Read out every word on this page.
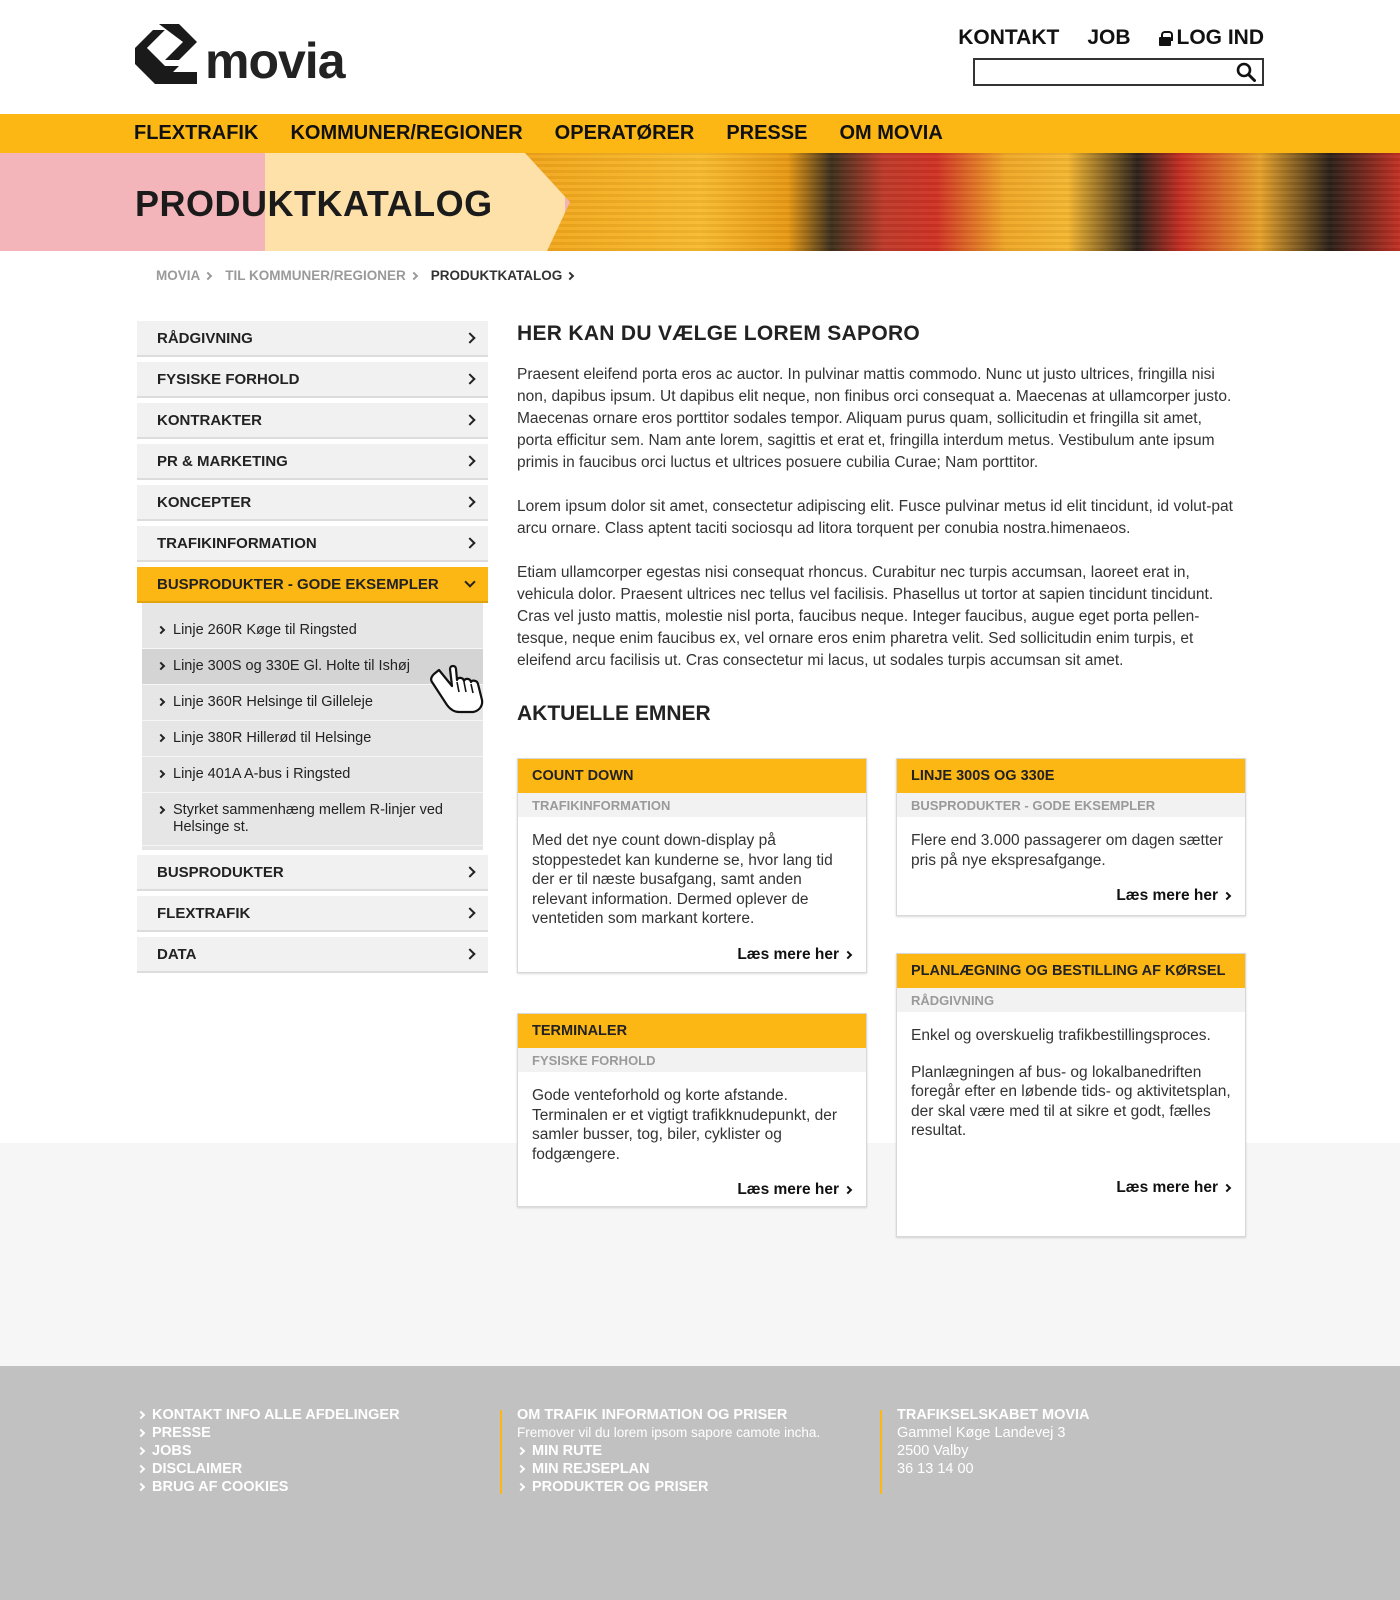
movia	KONTAKT JOB LOG IND
FLEXTRAFIK KOMMUNER/REGIONER OPERATØRER PRESSE OM MOVIA
PRODUKTKATALOG
MOVIA TIL KOMMUNER/REGIONER PRODUKTKATALOG
RÅDGIVNING
FYSISKE FORHOLD
KONTRAKTER
PR & MARKETING
KONCEPTER
TRAFIKINFORMATION
BUSPRODUKTER - GODE EKSEMPLER
Linje 260R Køge til Ringsted
Linje 300S og 330E Gl. Holte til Ishøj
Linje 360R Helsinge til Gilleleje
Linje 380R Hillerød til Helsinge
Linje 401A A-bus i Ringsted
Styrket sammenhæng mellem R-linjer ved Helsinge st.
BUSPRODUKTER
FLEXTRAFIK
DATA
HER KAN DU VÆLGE LOREM SAPORO

Praesent eleifend porta eros ac auctor. In pulvinar mattis commodo. Nunc ut justo ultrices, fringilla nisi non, dapibus ipsum. Ut dapibus elit neque, non finibus orci consequat a. Maecenas at ullamcorper justo. Maecenas ornare eros porttitor sodales tempor. Aliquam purus quam, sollicitudin et fringilla sit amet, porta efficitur sem. Nam ante lorem, sagittis et erat et, fringilla interdum metus. Vestibulum ante ipsum primis in faucibus orci luctus et ultrices posuere cubilia Curae; Nam porttitor.

Lorem ipsum dolor sit amet, consectetur adipiscing elit. Fusce pulvinar metus id elit tincidunt, id volut-pat arcu ornare. Class aptent taciti sociosqu ad litora torquent per conubia nostra.himenaeos.

Etiam ullamcorper egestas nisi consequat rhoncus. Curabitur nec turpis accumsan, laoreet erat in, vehicula dolor. Praesent ultrices nec tellus vel facilisis. Phasellus ut tortor at sapien tincidunt tincidunt. Cras vel justo mattis, molestie nisl porta, faucibus neque. Integer faucibus, augue eget porta pellen-tesque, neque enim faucibus ex, vel ornare eros enim pharetra velit. Sed sollicitudin enim turpis, et eleifend arcu facilisis ut. Cras consectetur mi lacus, ut sodales turpis accumsan sit amet.

AKTUELLE EMNER
COUNT DOWN
TRAFIKINFORMATION

Med det nye count down-display på stoppestedet kan kunderne se, hvor lang tid der er til næste busafgang, samt anden relevant information. Dermed oplever de ventetiden som markant kortere.

Læs mere her
LINJE 300S OG 330E
BUSPRODUKTER - GODE EKSEMPLER

Flere end 3.000 passagerer om dagen sætter pris på nye ekspresafgange.

Læs mere her
TERMINALER
FYSISKE FORHOLD

Gode venteforhold og korte afstande. Terminalen er et vigtigt trafikknudepunkt, der samler busser, tog, biler, cyklister og fodgængere.

Læs mere her
PLANLÆGNING OG BESTILLING AF KØRSEL
RÅDGIVNING

Enkel og overskuelig trafikbestillingsproces.

Planlægningen af bus- og lokalbanedriften foregår efter en løbende tids- og aktivitetsplan, der skal være med til at sikre et godt, fælles resultat.

Læs mere her
KONTAKT INFO ALLE AFDELINGER
PRESSE
JOBS
DISCLAIMER
BRUG AF COOKIES
OM TRAFIK INFORMATION OG PRISER
Fremover vil du lorem ipsom sapore camote incha.
MIN RUTE
MIN REJSEPLAN
PRODUKTER OG PRISER
TRAFIKSELSKABET MOVIA
Gammel Køge Landevej 3
2500 Valby
36 13 14 00
